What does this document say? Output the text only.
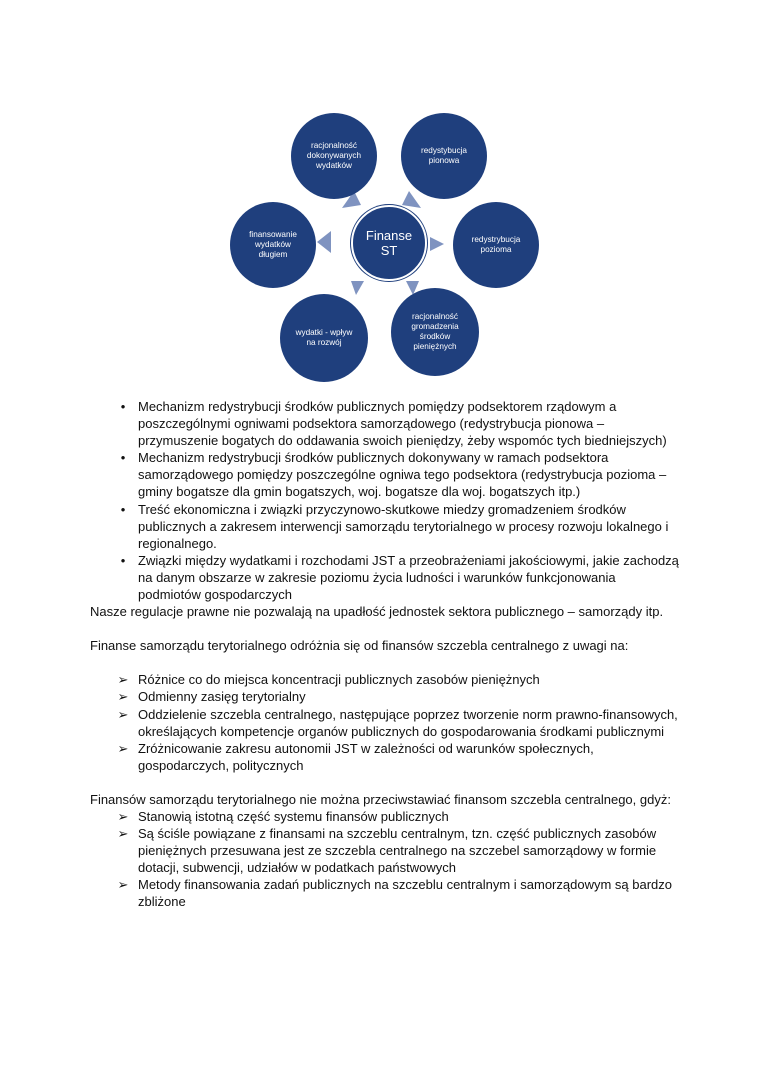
Finanse
ST
racjonalność
dokonywanych
wydatków
redystybucja
pionowa
redystrybucja
pozioma
racjonalność
gromadzenia
środków
pieniężnych
wydatki - wpływ
na rozwój
finansowanie
wydatków
długiem
• Mechanizm redystrybucji środków publicznych pomiędzy podsektorem rządowym a poszczególnymi ogniwami podsektora samorządowego (redystrybucja pionowa – przymuszenie bogatych do oddawania swoich pieniędzy, żeby wspomóc tych biedniejszych)
• Mechanizm redystrybucji środków publicznych dokonywany w ramach podsektora samorządowego pomiędzy poszczególne ogniwa tego podsektora (redystrybucja pozioma – gminy bogatsze dla gmin bogatszych, woj. bogatsze dla woj. bogatszych itp.)
• Treść ekonomiczna i związki przyczynowo-skutkowe miedzy gromadzeniem środków publicznych a zakresem interwencji samorządu terytorialnego w procesy rozwoju lokalnego i regionalnego.
• Związki między wydatkami i rozchodami JST a przeobrażeniami jakościowymi, jakie zachodzą na danym obszarze w zakresie poziomu życia ludności i warunków funkcjonowania podmiotów gospodarczych

Nasze regulacje prawne nie pozwalają na upadłość jednostek sektora publicznego – samorządy itp.

Finanse samorządu terytorialnego odróżnia się od finansów szczebla centralnego z uwagi na:

➢ Różnice co do miejsca koncentracji publicznych zasobów pieniężnych
➢ Odmienny zasięg terytorialny
➢ Oddzielenie szczebla centralnego, następujące poprzez tworzenie norm prawno-finansowych, określających kompetencje organów publicznych do gospodarowania środkami publicznymi
➢ Zróżnicowanie zakresu autonomii JST w zależności od warunków społecznych, gospodarczych, politycznych

Finansów samorządu terytorialnego nie można przeciwstawiać finansom szczebla centralnego, gdyż:

➢ Stanowią istotną część systemu finansów publicznych
➢ Są ściśle powiązane z finansami na szczeblu centralnym, tzn. część publicznych zasobów pieniężnych przesuwana jest ze szczebla centralnego na szczebel samorządowy w formie dotacji, subwencji, udziałów w podatkach państwowych
➢ Metody finansowania zadań publicznych na szczeblu centralnym i samorządowym są bardzo zbliżone
